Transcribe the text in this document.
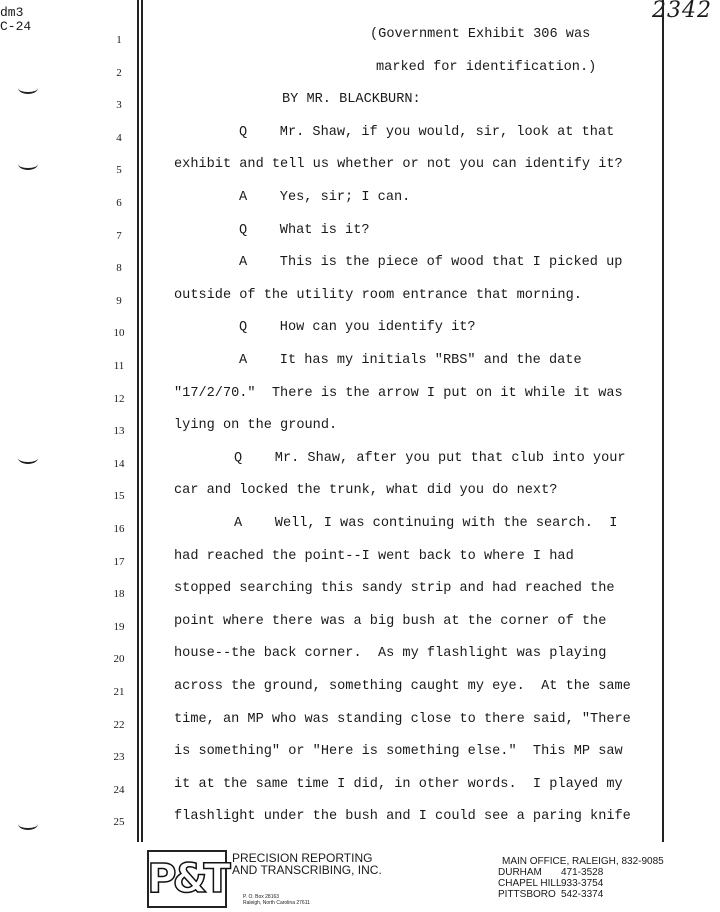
dm3
C-24
2342
1	(Government Exhibit 306 was
2	marked for identification.)
3	BY MR. BLACKBURN:
4	Q    Mr. Shaw, if you would, sir, look at that
5	exhibit and tell us whether or not you can identify it?
6	A    Yes, sir; I can.
7	Q    What is it?
8	A    This is the piece of wood that I picked up
9	outside of the utility room entrance that morning.
10	Q    How can you identify it?
11	A    It has my initials "RBS" and the date
12	"17/2/70."  There is the arrow I put on it while it was
13	lying on the ground.
14	Q    Mr. Shaw, after you put that club into your
15	car and locked the trunk, what did you do next?
16	A    Well, I was continuing with the search.  I
17	had reached the point--I went back to where I had
18	stopped searching this sandy strip and had reached the
19	point where there was a big bush at the corner of the
20	house--the back corner.  As my flashlight was playing
21	across the ground, something caught my eye.  At the same
22	time, an MP who was standing close to there said, "There
23	is something" or "Here is something else."  This MP saw
24	it at the same time I did, in other words.  I played my
25	flashlight under the bush and I could see a paring knife
P&T PRECISION REPORTING
AND TRANSCRIBING, INC.
P. O. Box 28163
Raleigh, North Carolina 27611
MAIN OFFICE, RALEIGH, 832-9085
DURHAM 471-3528
CHAPEL HILL 933-3754
PITTSBORO 542-3374
